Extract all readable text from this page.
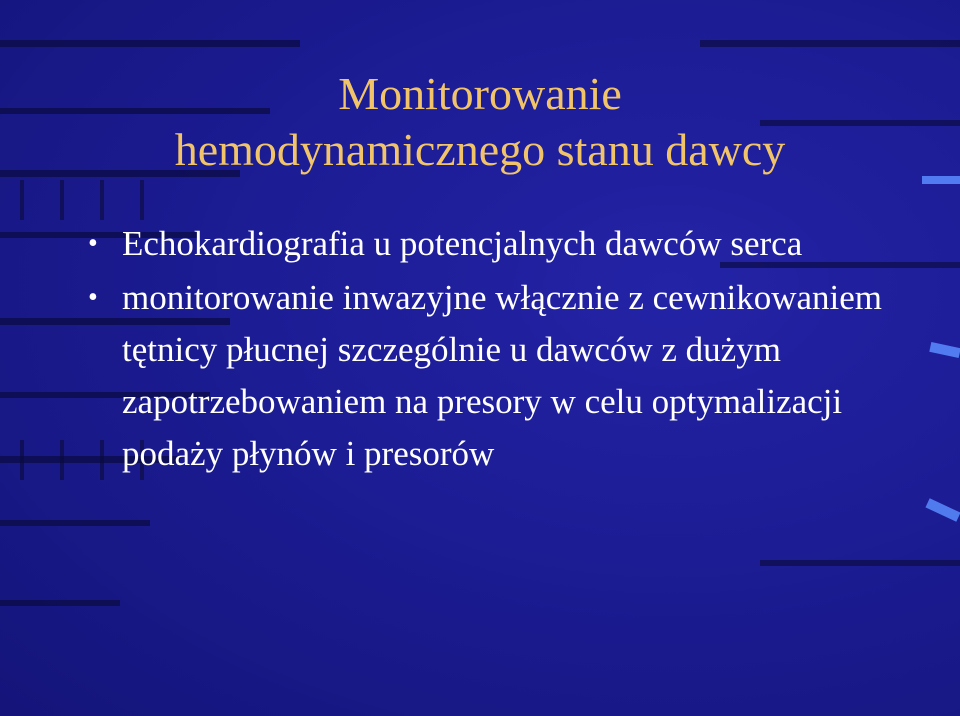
Monitorowanie
hemodynamicznego stanu dawcy
• Echokardiografia u potencjalnych dawców serca
• monitorowanie inwazyjne włącznie z cewnikowaniem tętnicy płucnej szczególnie u dawców z dużym zapotrzebowaniem na presory w celu optymalizacji podaży płynów i presorów
